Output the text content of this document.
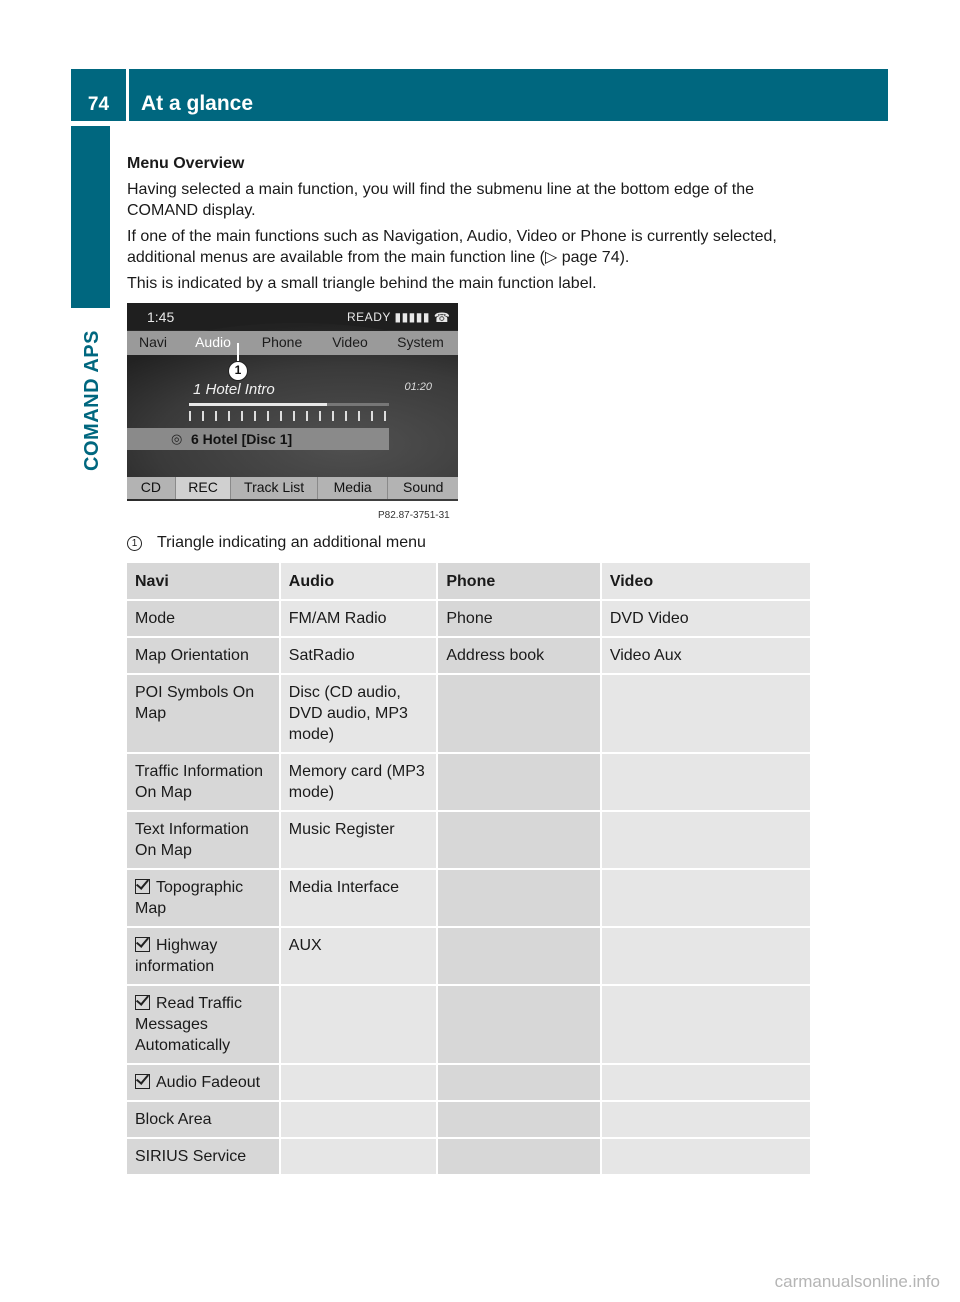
74	At a glance
COMAND APS
Menu Overview

Having selected a main function, you will find the submenu line at the bottom edge of the COMAND display.

If one of the main functions such as Navigation, Audio, Video or Phone is currently selected, additional menus are available from the main function line (▷ page 74).

This is indicated by a small triangle behind the main function label.

1:45	READY ▮▮▮▮▮ ☎
Navi	Audio	Phone	Video	System
1
1 Hotel Intro	01:20
◎ 6 Hotel [Disc 1]
CD	REC	Track List	Media	Sound
P82.87-3751-31
1 Triangle indicating an additional menu
Navi	Audio	Phone	Video
Mode	FM/AM Radio	Phone	DVD Video
Map Orientation	SatRadio	Address book	Video Aux
POI Symbols On Map	Disc (CD audio, DVD audio, MP3 mode)		
Traffic Information On Map	Memory card (MP3 mode)		
Text Information On Map	Music Register		
Topographic Map	Media Interface		
Highway information	AUX		
Read Traffic Messages Automatically			
Audio Fadeout			
Block Area			
SIRIUS Service			
carmanualsonline.info
